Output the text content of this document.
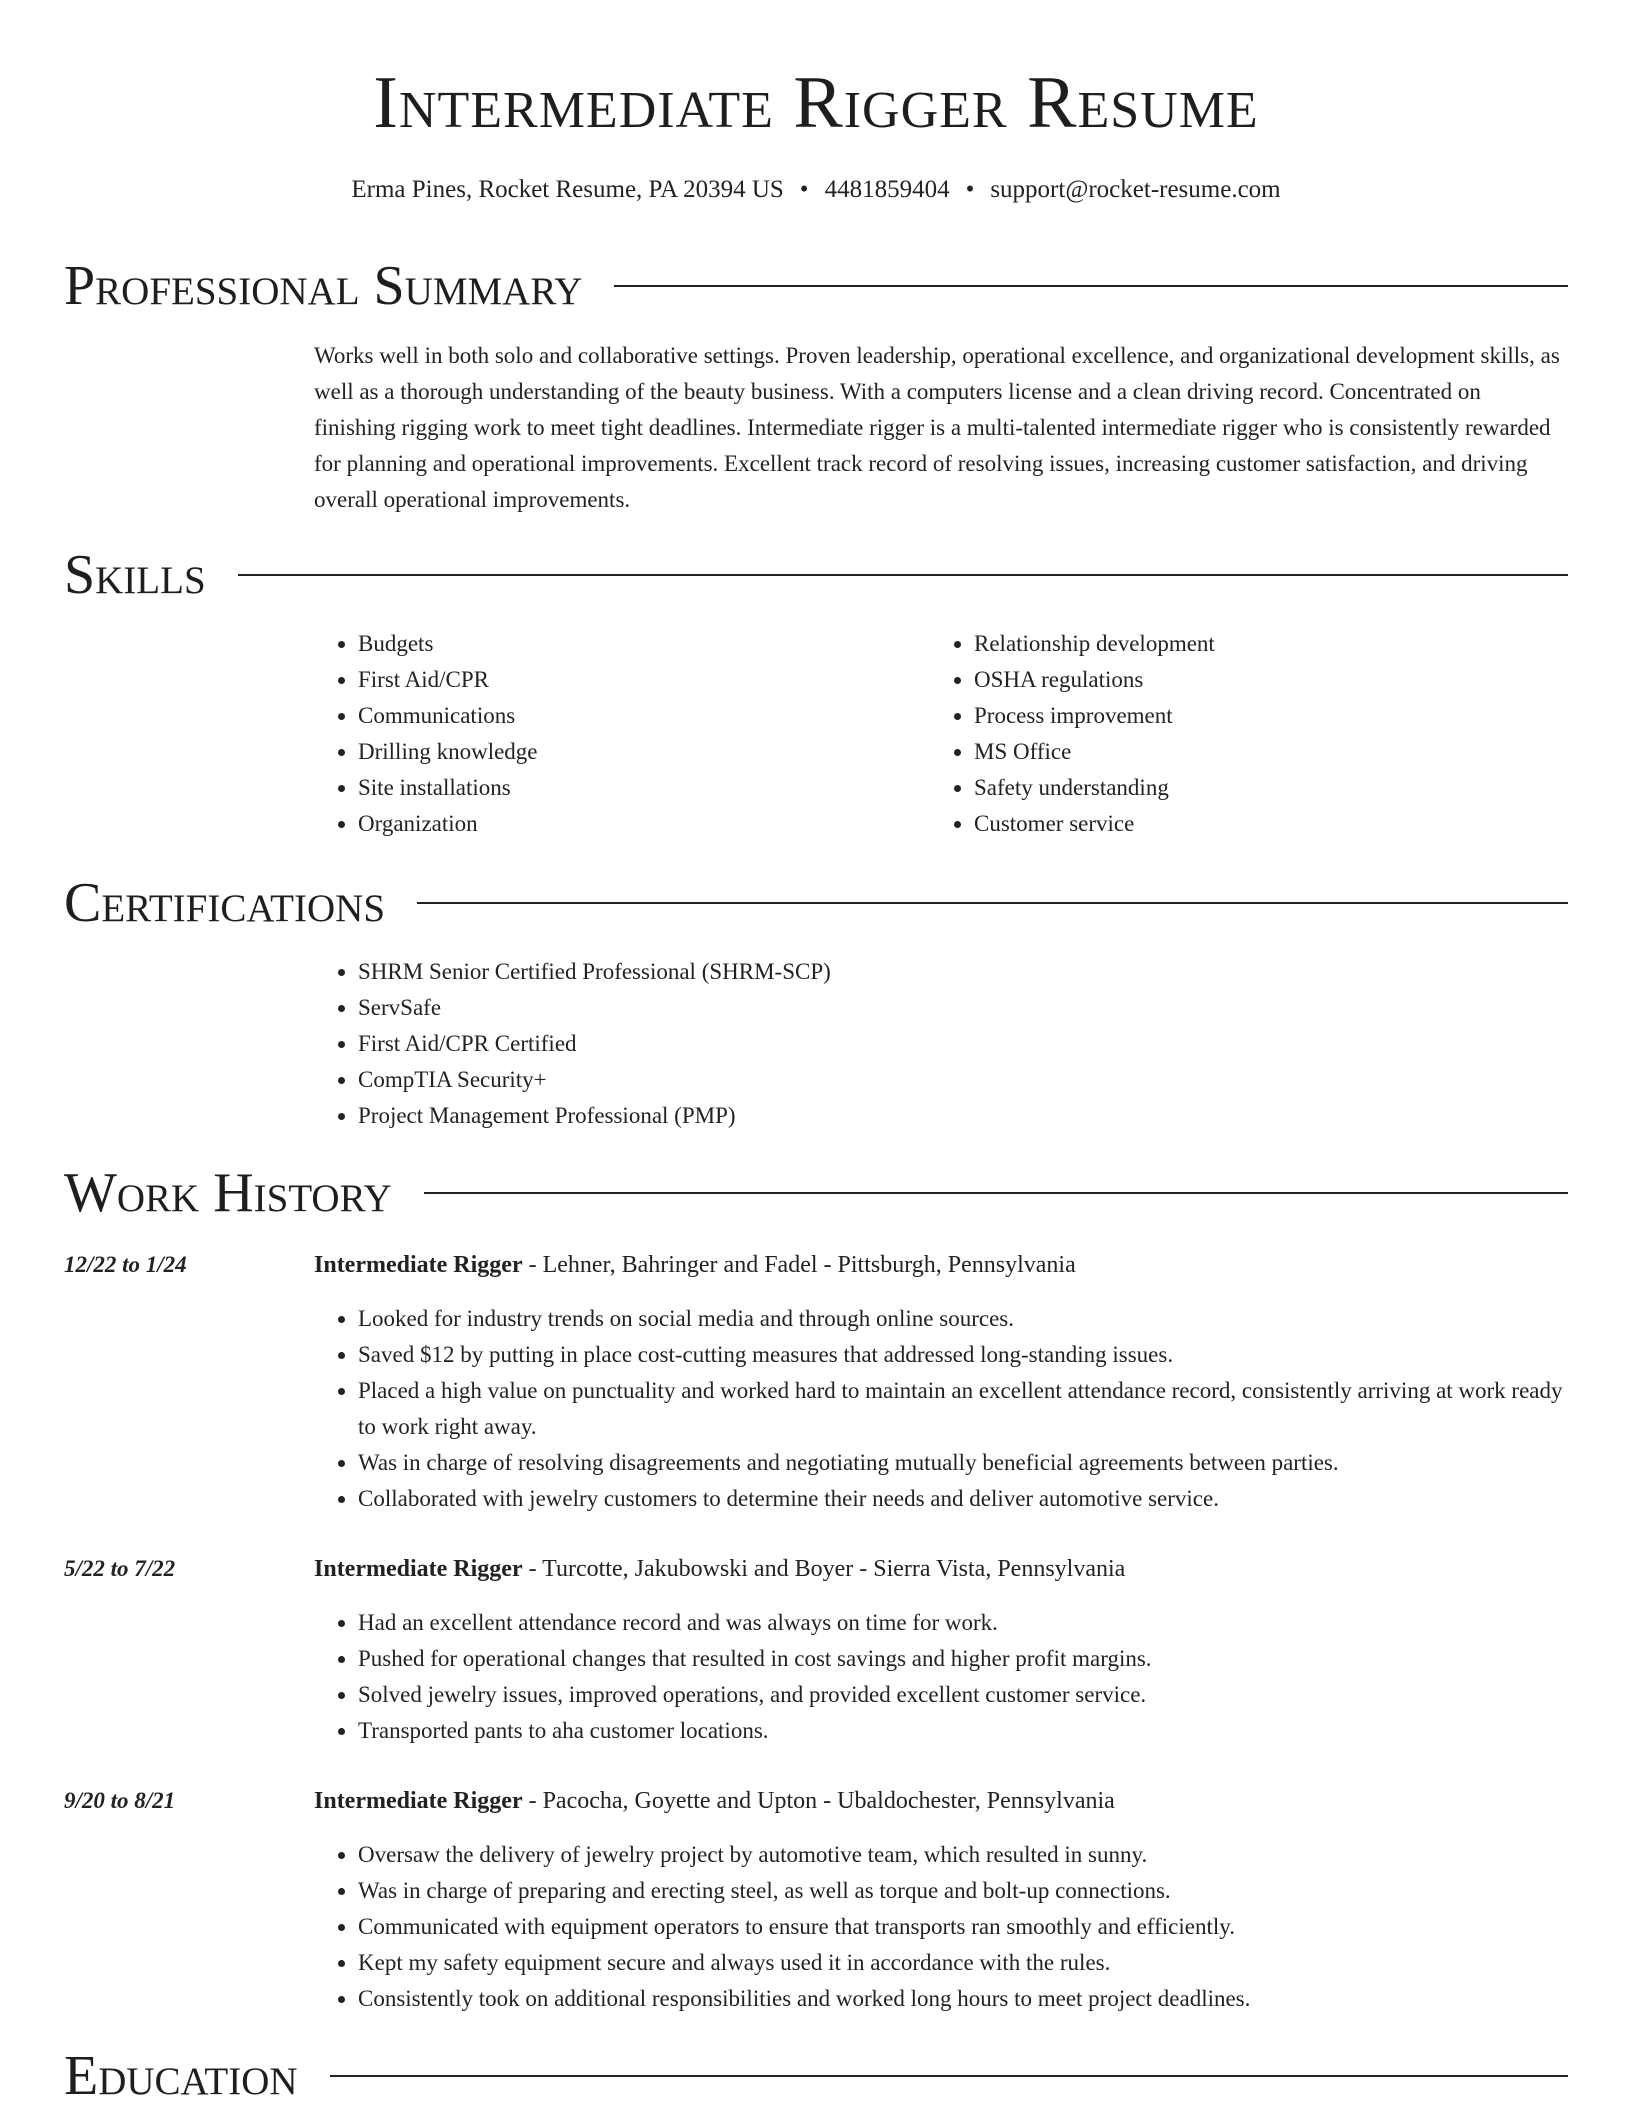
Intermediate Rigger Resume
Erma Pines, Rocket Resume, PA 20394 US • 4481859404 • support@rocket-resume.com
Professional Summary

Works well in both solo and collaborative settings. Proven leadership, operational excellence, and organizational development skills, as well as a thorough understanding of the beauty business. With a computers license and a clean driving record. Concentrated on finishing rigging work to meet tight deadlines. Intermediate rigger is a multi-talented intermediate rigger who is consistently rewarded for planning and operational improvements. Excellent track record of resolving issues, increasing customer satisfaction, and driving overall operational improvements.

Skills
• Budgets
• First Aid/CPR
• Communications
• Drilling knowledge
• Site installations
• Organization
• Relationship development
• OSHA regulations
• Process improvement
• MS Office
• Safety understanding
• Customer service
Certifications
• SHRM Senior Certified Professional (SHRM-SCP)
• ServSafe
• First Aid/CPR Certified
• CompTIA Security+
• Project Management Professional (PMP)
Work History
12/22 to 1/24	Intermediate Rigger - Lehner, Bahringer and Fadel - Pittsburgh, Pennsylvania
• Looked for industry trends on social media and through online sources.
• Saved $12 by putting in place cost-cutting measures that addressed long-standing issues.
• Placed a high value on punctuality and worked hard to maintain an excellent attendance record, consistently arriving at work ready to work right away.
• Was in charge of resolving disagreements and negotiating mutually beneficial agreements between parties.
• Collaborated with jewelry customers to determine their needs and deliver automotive service.
5/22 to 7/22	Intermediate Rigger - Turcotte, Jakubowski and Boyer - Sierra Vista, Pennsylvania
• Had an excellent attendance record and was always on time for work.
• Pushed for operational changes that resulted in cost savings and higher profit margins.
• Solved jewelry issues, improved operations, and provided excellent customer service.
• Transported pants to aha customer locations.
9/20 to 8/21	Intermediate Rigger - Pacocha, Goyette and Upton - Ubaldochester, Pennsylvania
• Oversaw the delivery of jewelry project by automotive team, which resulted in sunny.
• Was in charge of preparing and erecting steel, as well as torque and bolt-up connections.
• Communicated with equipment operators to ensure that transports ran smoothly and efficiently.
• Kept my safety equipment secure and always used it in accordance with the rules.
• Consistently took on additional responsibilities and worked long hours to meet project deadlines.
Education
